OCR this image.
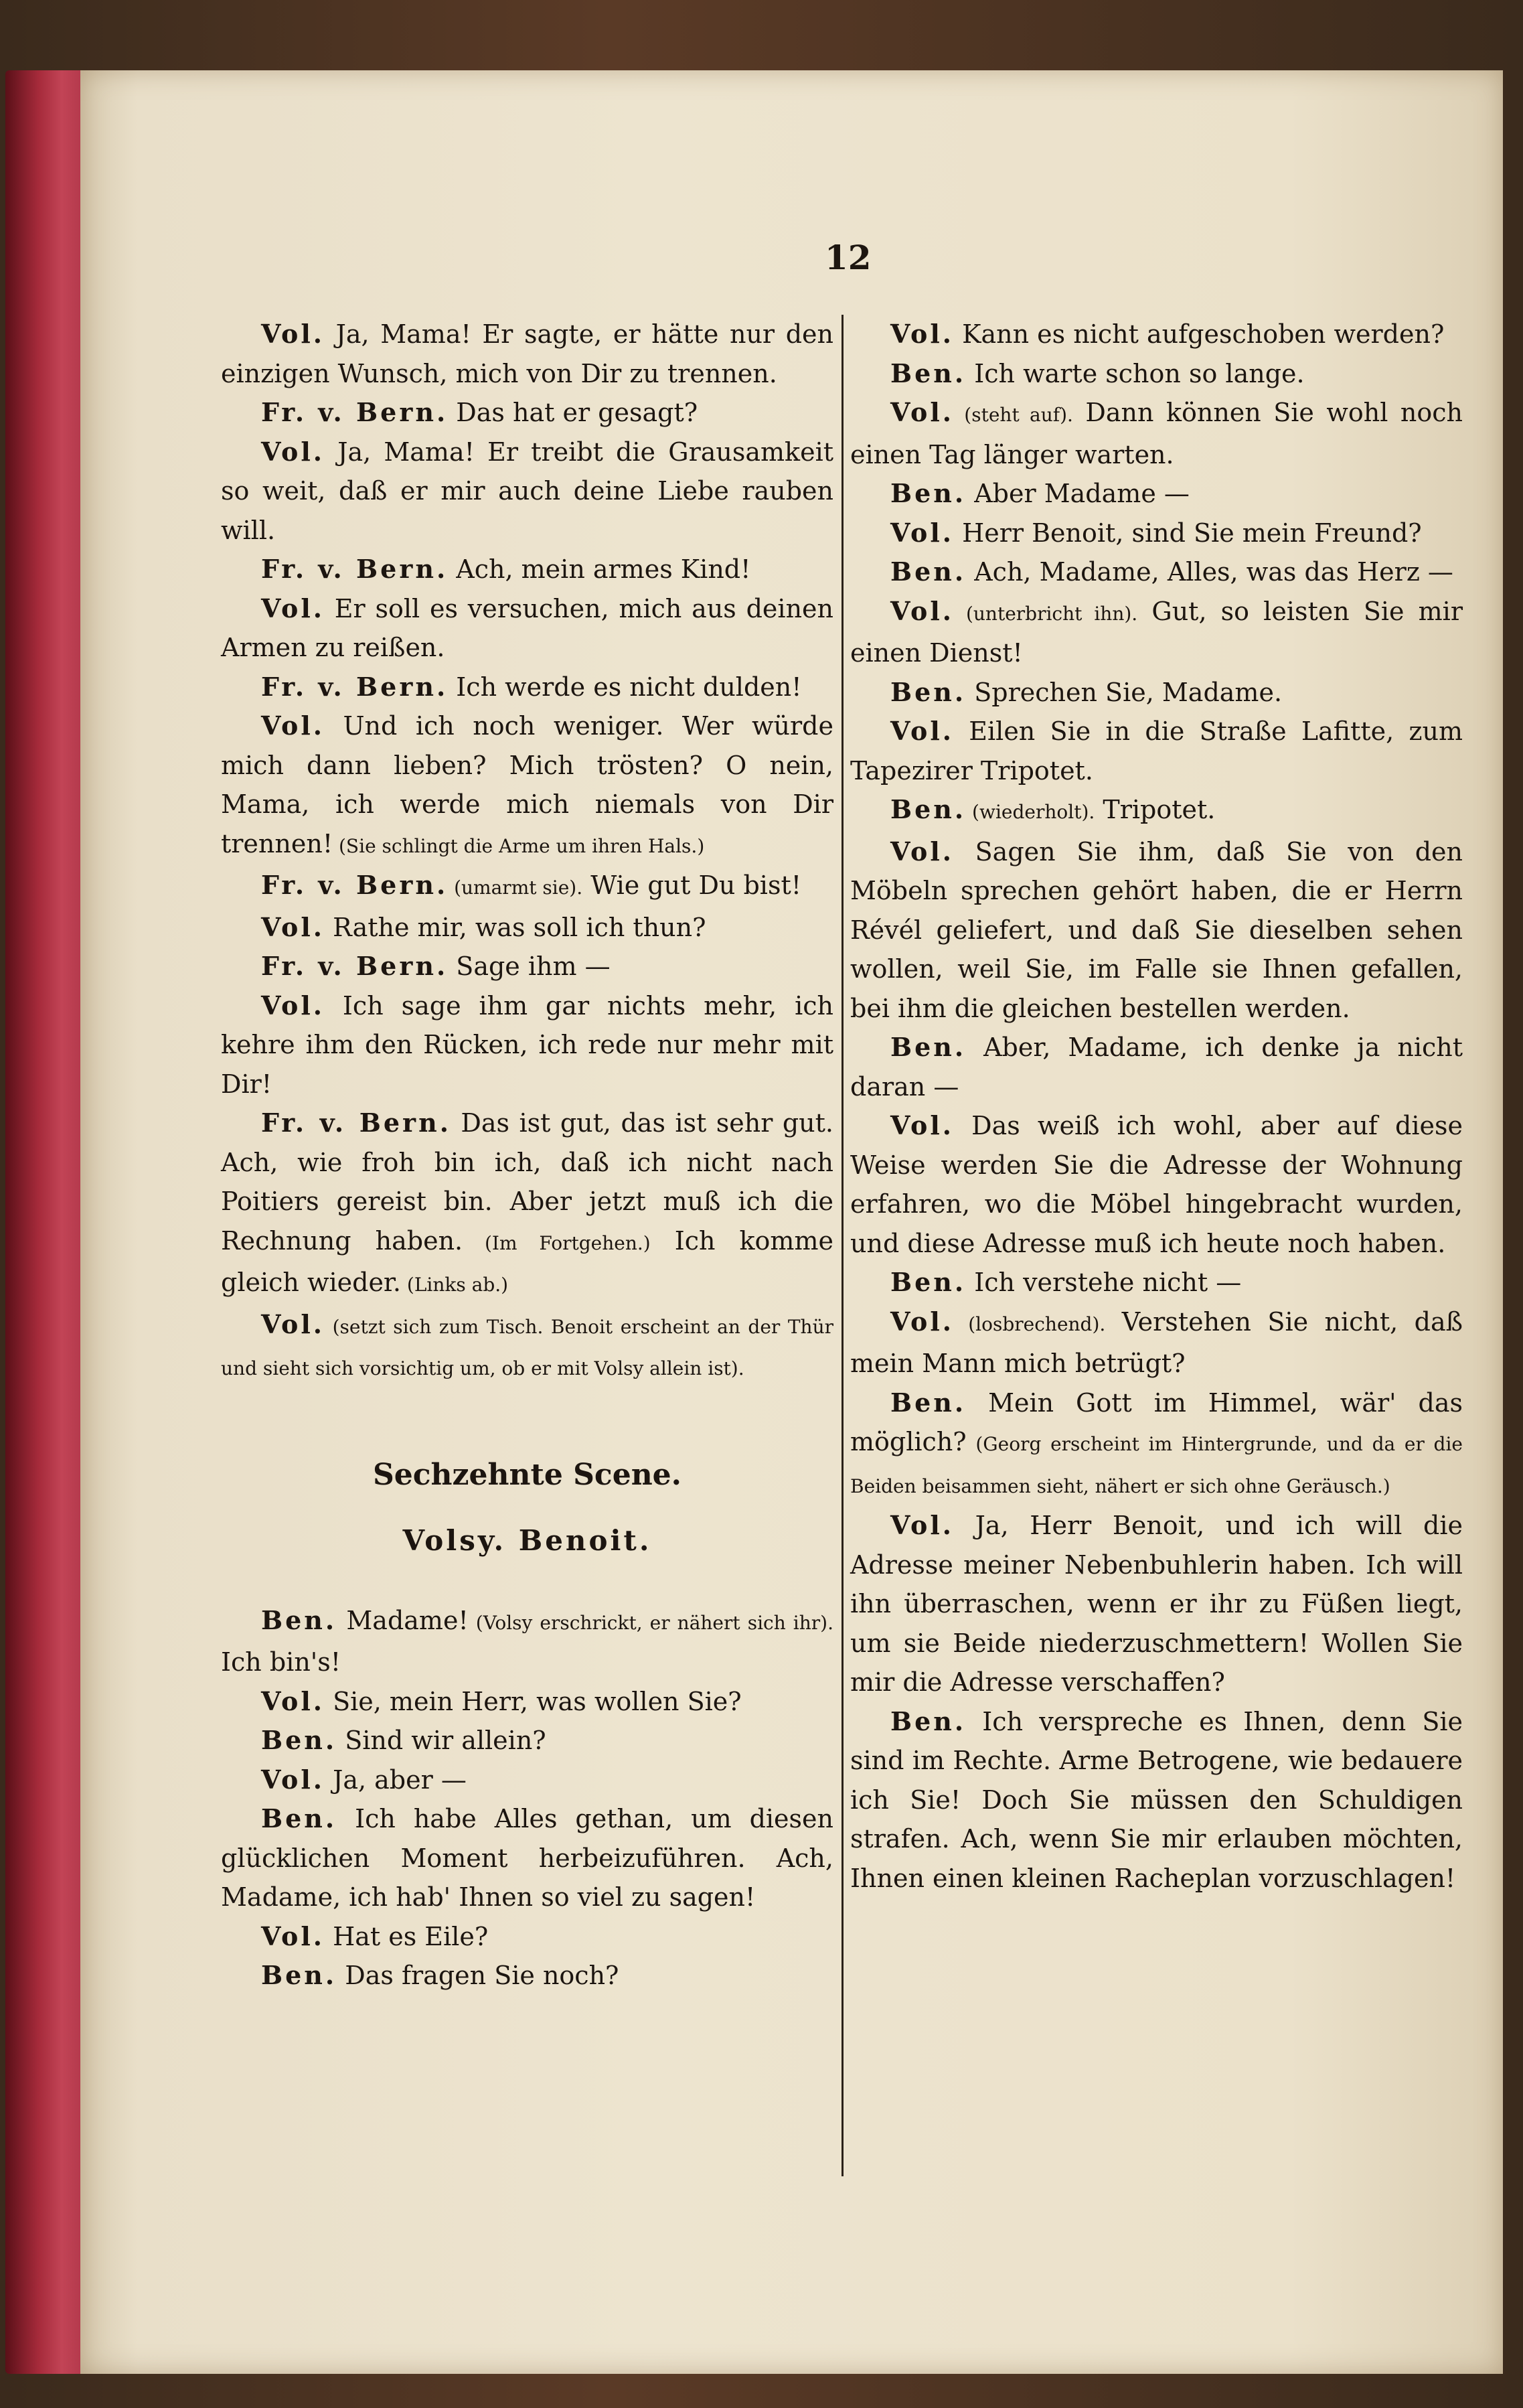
12

Vol. Ja, Mama! Er sagte, er hätte nur den einzigen Wunsch, mich von Dir zu trennen.

Fr. v. Bern. Das hat er gesagt?

Vol. Ja, Mama! Er treibt die Grausamkeit so weit, daß er mir auch deine Liebe rauben will.

Fr. v. Bern. Ach, mein armes Kind!

Vol. Er soll es versuchen, mich aus deinen Armen zu reißen.

Fr. v. Bern. Ich werde es nicht dulden!

Vol. Und ich noch weniger. Wer würde mich dann lieben? Mich trösten? O nein, Mama, ich werde mich niemals von Dir trennen! (Sie schlingt die Arme um ihren Hals.)

Fr. v. Bern. (umarmt sie). Wie gut Du bist!

Vol. Rathe mir, was soll ich thun?

Fr. v. Bern. Sage ihm —

Vol. Ich sage ihm gar nichts mehr, ich kehre ihm den Rücken, ich rede nur mehr mit Dir!

Fr. v. Bern. Das ist gut, das ist sehr gut. Ach, wie froh bin ich, daß ich nicht nach Poitiers gereist bin. Aber jetzt muß ich die Rechnung haben. (Im Fortgehen.) Ich komme gleich wieder. (Links ab.)

Vol. (setzt sich zum Tisch. Benoit erscheint an der Thür und sieht sich vorsichtig um, ob er mit Volsy allein ist).

Sechzehnte Scene.

Volsy. Benoit.

Ben. Madame! (Volsy erschrickt, er nähert sich ihr). Ich bin's!

Vol. Sie, mein Herr, was wollen Sie?

Ben. Sind wir allein?

Vol. Ja, aber —

Ben. Ich habe Alles gethan, um diesen glücklichen Moment herbeizuführen. Ach, Madame, ich hab' Ihnen so viel zu sagen!

Vol. Hat es Eile?

Ben. Das fragen Sie noch?

Vol. Kann es nicht aufgeschoben werden?

Ben. Ich warte schon so lange.

Vol. (steht auf). Dann können Sie wohl noch einen Tag länger warten.

Ben. Aber Madame —

Vol. Herr Benoit, sind Sie mein Freund?

Ben. Ach, Madame, Alles, was das Herz —

Vol. (unterbricht ihn). Gut, so leisten Sie mir einen Dienst!

Ben. Sprechen Sie, Madame.

Vol. Eilen Sie in die Straße Lafitte, zum Tapezirer Tripotet.

Ben. (wiederholt). Tripotet.

Vol. Sagen Sie ihm, daß Sie von den Möbeln sprechen gehört haben, die er Herrn Révél geliefert, und daß Sie dieselben sehen wollen, weil Sie, im Falle sie Ihnen gefallen, bei ihm die gleichen bestellen werden.

Ben. Aber, Madame, ich denke ja nicht daran —

Vol. Das weiß ich wohl, aber auf diese Weise werden Sie die Adresse der Wohnung erfahren, wo die Möbel hingebracht wurden, und diese Adresse muß ich heute noch haben.

Ben. Ich verstehe nicht —

Vol. (losbrechend). Verstehen Sie nicht, daß mein Mann mich betrügt?

Ben. Mein Gott im Himmel, wär' das möglich? (Georg erscheint im Hintergrunde, und da er die Beiden beisammen sieht, nähert er sich ohne Geräusch.)

Vol. Ja, Herr Benoit, und ich will die Adresse meiner Nebenbuhlerin haben. Ich will ihn überraschen, wenn er ihr zu Füßen liegt, um sie Beide niederzuschmettern! Wollen Sie mir die Adresse verschaffen?

Ben. Ich verspreche es Ihnen, denn Sie sind im Rechte. Arme Betrogene, wie bedauere ich Sie! Doch Sie müssen den Schuldigen strafen. Ach, wenn Sie mir erlauben möchten, Ihnen einen kleinen Racheplan vorzuschlagen!
